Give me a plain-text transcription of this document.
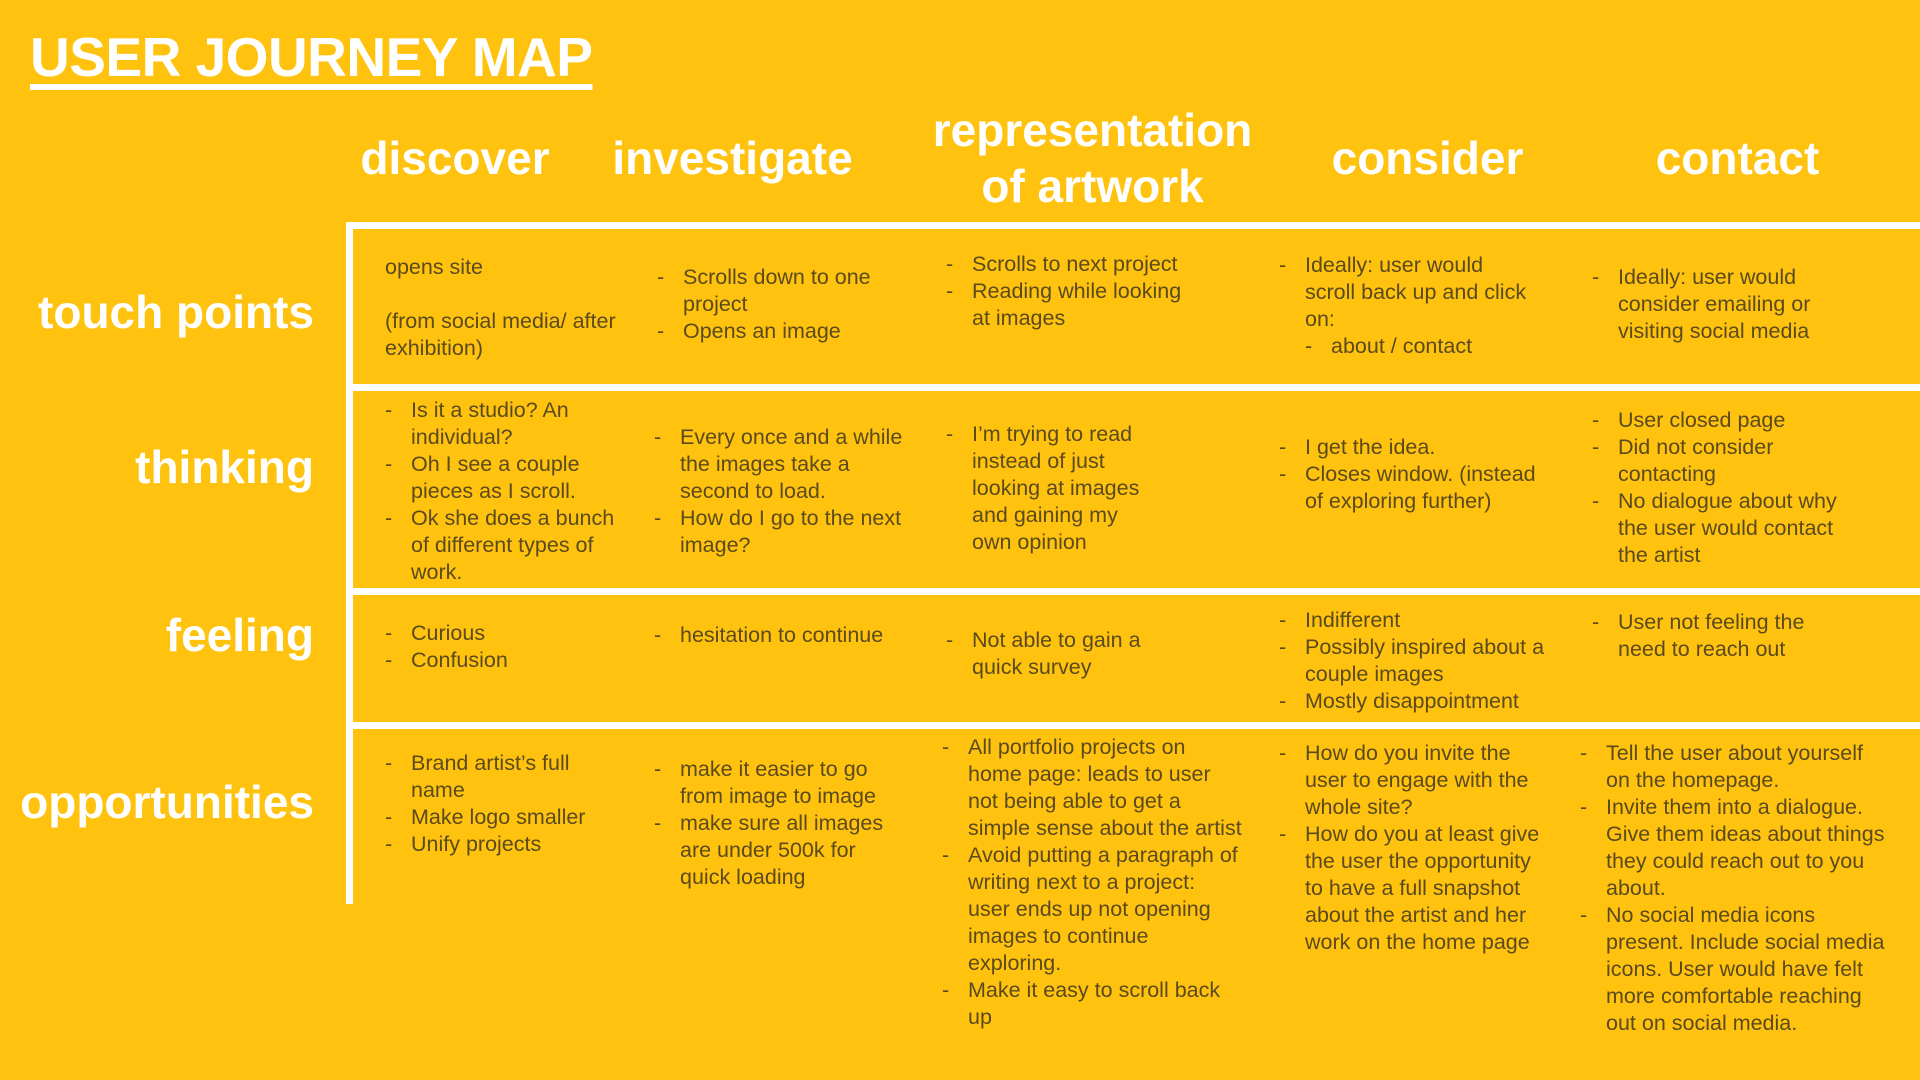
USER JOURNEY MAP
discover investigate
representation of artwork
consider	contact
touch points
thinking
feeling
opportunities

opens site

(from social media/ after exhibition)

- Scrolls down to one project
- Opens an image
- Scrolls to next project
- Reading while looking at images
- Ideally: user would scroll back up and click on:
- about / contact
- Ideally: user would consider emailing or visiting social media
- Is it a studio? An individual?
- Oh I see a couple pieces as I scroll.
- Ok she does a bunch of different types of work.
- Every once and a while the images take a second to load.
- How do I go to the next image?
- I’m trying to read instead of just looking at images and gaining my own opinion
- I get the idea.
- Closes window. (instead of exploring further)
- User closed page
- Did not consider contacting
- No dialogue about why the user would contact the artist
- Curious
- Confusion
- hesitation to continue
-	Not able to gain a quick survey
- Indifferent
- Possibly inspired about a couple images
- Mostly disappointment
- User not feeling the need to reach out
- Brand artist’s full name
- Make logo smaller
- Unify projects
- make it easier to go from image to image
- make sure all images are under 500k for quick loading
- All portfolio projects on home page: leads to user not being able to get a simple sense about the artist
- Avoid putting a paragraph of writing next to a project: user ends up not opening images to continue exploring.
- Make it easy to scroll back up
- How do you invite the user to engage with the whole site?
- How do you at least give the user the opportunity to have a full snapshot about the artist and her work on the home page
- Tell the user about yourself on the homepage.
- Invite them into a dialogue. Give them ideas about things they could reach out to you about.
- No social media icons present. Include social media icons. User would have felt more comfortable reaching out on social media.
